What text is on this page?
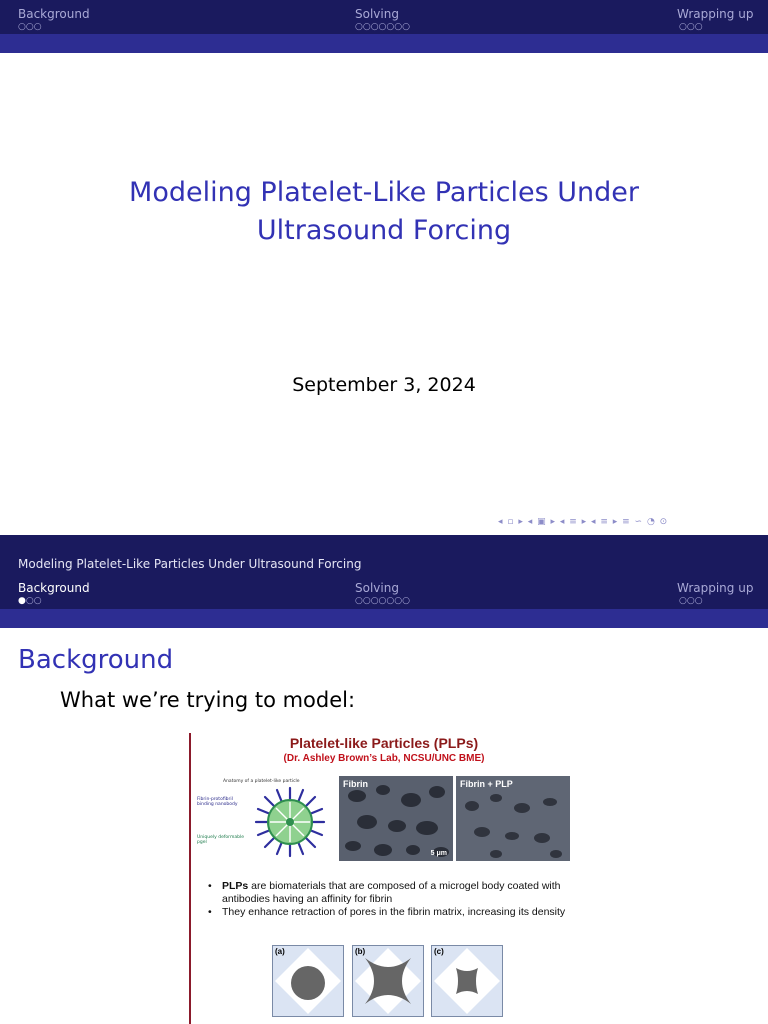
Background
○○○
Solving
○○○○○○○
Wrapping up
○○○
Modeling Platelet-Like Particles Under
Ultrasound Forcing
September 3, 2024
◂ ▫ ▸ ◂ ▣ ▸ ◂ ≡ ▸ ◂ ≡ ▸ ≡ ∽ ◔ ⊙
Modeling Platelet-Like Particles Under Ultrasound Forcing
Background
●○○
Solving
○○○○○○○
Wrapping up
○○○
Background
What we’re trying to model:
Platelet-like Particles (PLPs)
(Dr. Ashley Brown’s Lab, NCSU/UNC BME)
Anatomy of a platelet-like particle
Fibrin-protofibril binding nanobody
Uniquely deformable pgel
Fibrin
5 μm
Fibrin + PLP
• PLPs are biomaterials that are composed of a microgel body coated with antibodies having an affinity for fibrin
• They enhance retraction of pores in the fibrin matrix, increasing its density
(a)	(b)	(c)
